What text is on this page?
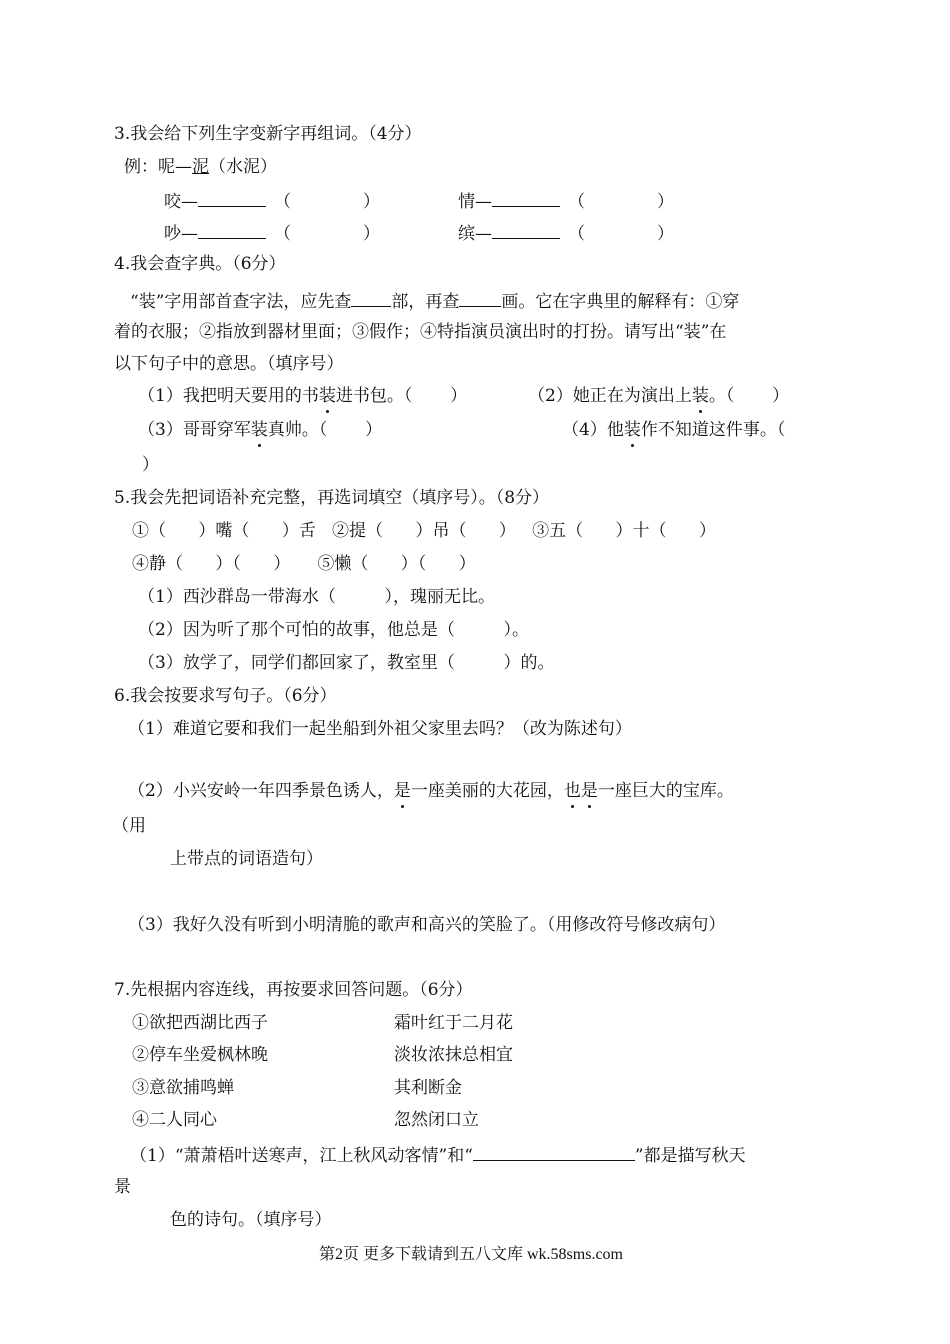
3.我会给下列生字变新字再组词。（4分）
例：呢—泥（水泥）
咬—	（	）	情—	（	）
吵—	（	）	缤—	（	）
4.我会查字典。（6分）
“装”字用部首查字法，应先查 部，再查 画。它在字典里的解释有：①穿
着的衣服；②指放到器材里面；③假作；④特指演员演出时的打扮。请写出“装”在
以下句子中的意思。（填序号）
（1）我把明天要用的书装进书包。（       ）	（2）她正在为演出上装。（       ）
（3）哥哥穿军装真帅。（       ）	（4）他装作不知道这件事。（
）
5.我会先把词语补充完整，再选词填空（填序号）。（8分）
①（      ）嘴（      ）舌   ②提（      ）吊（      ）   ③五（      ）十（      ）
④静（      ）（      ）     ⑤懒（      ）（      ）
（1）西沙群岛一带海水（         ），瑰丽无比。
（2）因为听了那个可怕的故事，他总是（         ）。
（3）放学了，同学们都回家了，教室里（         ）的。
6.我会按要求写句子。（6分）
（1）难道它要和我们一起坐船到外祖父家里去吗？（改为陈述句）
（2）小兴安岭一年四季景色诱人，是一座美丽的大花园，也是一座巨大的宝库。
（用
上带点的词语造句）
（3）我好久没有听到小明清脆的歌声和高兴的笑脸了。（用修改符号修改病句）
7.先根据内容连线，再按要求回答问题。（6分）
①欲把西湖比西子	霜叶红于二月花
②停车坐爱枫林晚	淡妆浓抹总相宜
③意欲捕鸣蝉	其利断金
④二人同心	忽然闭口立
（1）“萧萧梧叶送寒声，江上秋风动客情”和“	”都是描写秋天
景
色的诗句。（填序号）
第2页 更多下载请到五八文库 wk.58sms.com
